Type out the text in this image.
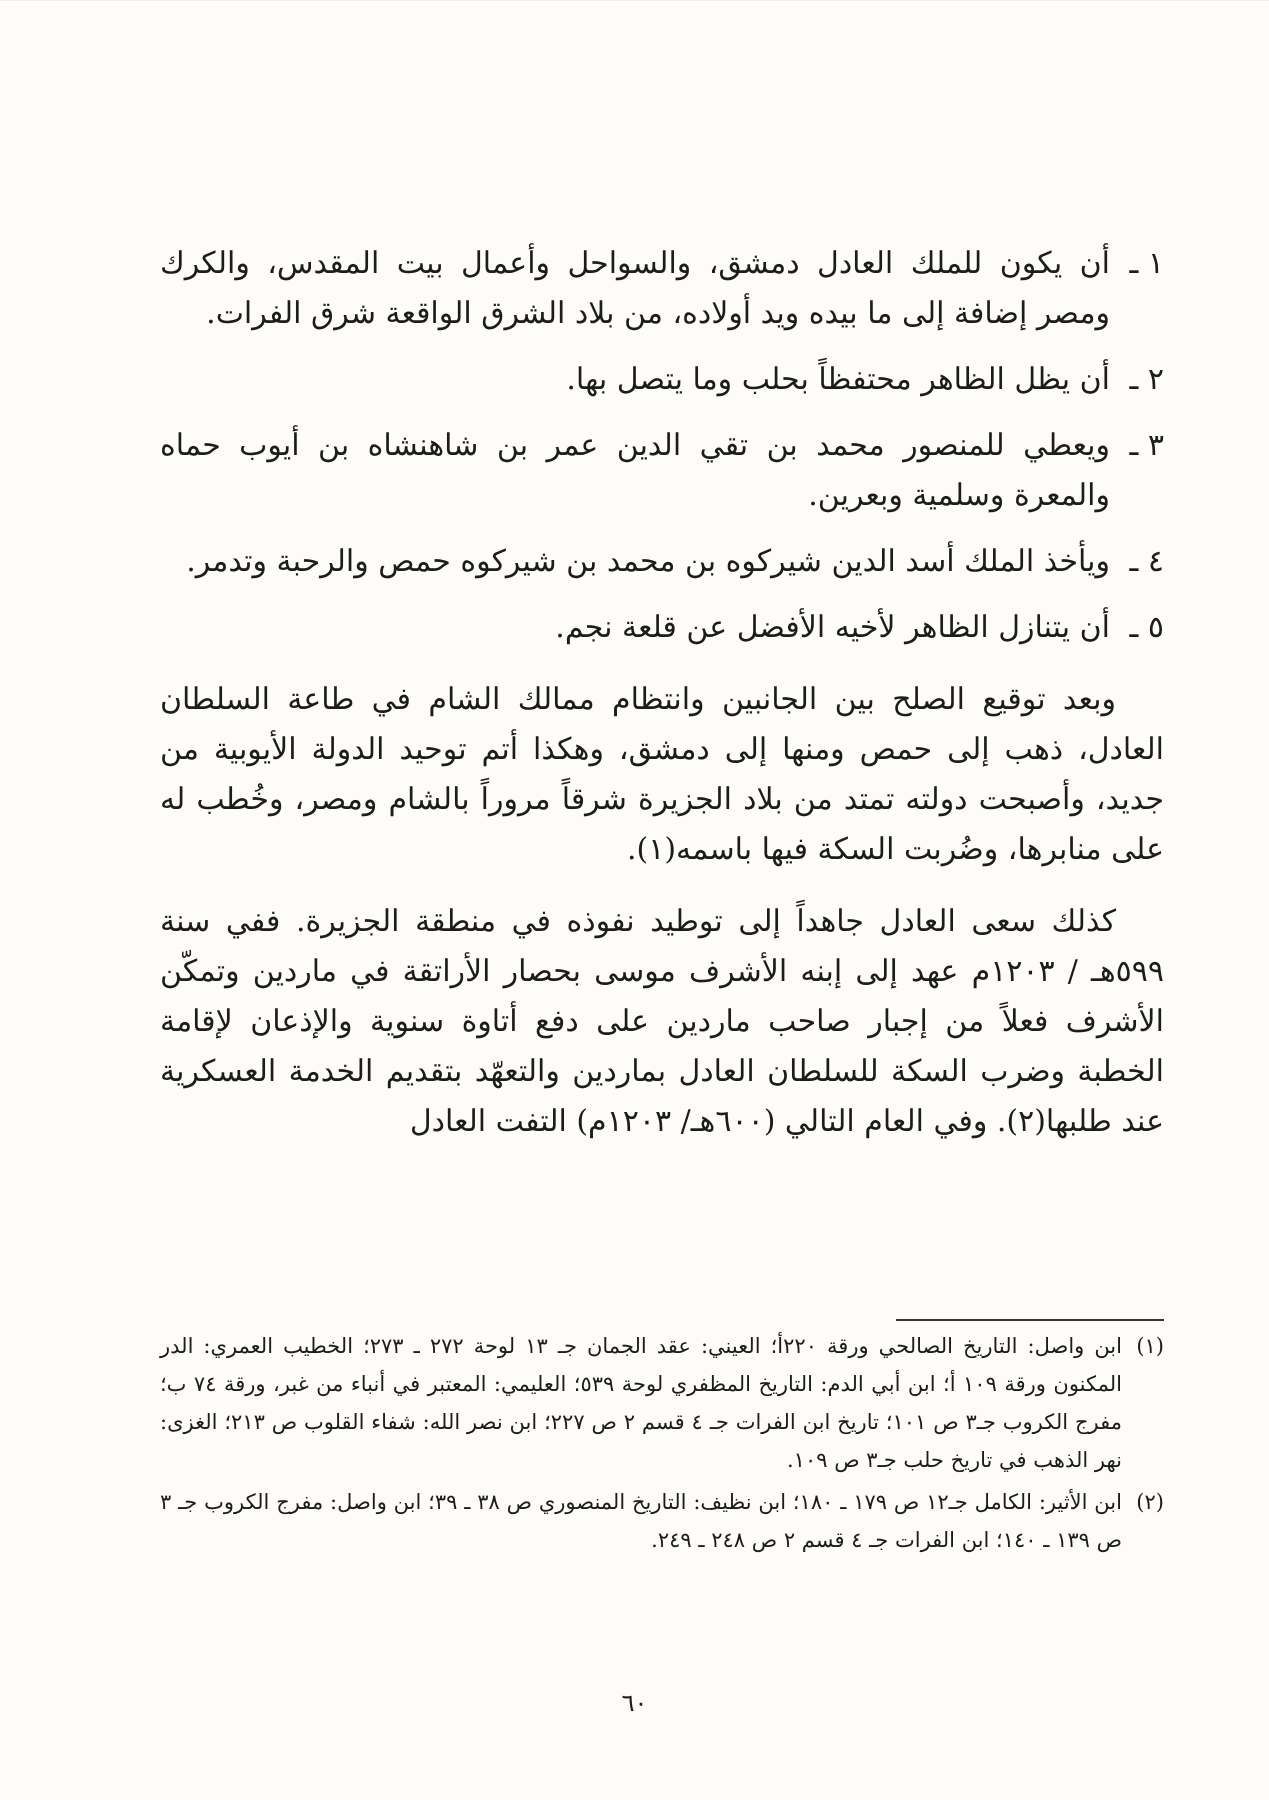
١ ـأن يكون للملك العادل دمشق، والسواحل وأعمال بيت المقدس، والكرك ومصر إضافة إلى ما بيده ويد أولاده، من بلاد الشرق الواقعة شرق الفرات.

٢ ـأن يظل الظاهر محتفظاً بحلب وما يتصل بها.

٣ ـويعطي للمنصور محمد بن تقي الدين عمر بن شاهنشاه بن أيوب حماه والمعرة وسلمية وبعرين.

٤ ـويأخذ الملك أسد الدين شيركوه بن محمد بن شيركوه حمص والرحبة وتدمر.

٥ ـأن يتنازل الظاهر لأخيه الأفضل عن قلعة نجم.

وبعد توقيع الصلح بين الجانبين وانتظام ممالك الشام في طاعة السلطان العادل، ذهب إلى حمص ومنها إلى دمشق، وهكذا أتم توحيد الدولة الأيوبية من جديد، وأصبحت دولته تمتد من بلاد الجزيرة شرقاً مروراً بالشام ومصر، وخُطب له على منابرها، وضُربت السكة فيها باسمه(١).

كذلك سعى العادل جاهداً إلى توطيد نفوذه في منطقة الجزيرة. ففي سنة ٥٩٩هـ / ١٢٠٣م عهد إلى إبنه الأشرف موسى بحصار الأراتقة في ماردين وتمكّن الأشرف فعلاً من إجبار صاحب ماردين على دفع أتاوة سنوية والإذعان لإقامة الخطبة وضرب السكة للسلطان العادل بماردين والتعهّد بتقديم الخدمة العسكرية عند طلبها(٢). وفي العام التالي (٦٠٠هـ/ ١٢٠٣م) التفت العادل

(١)ابن واصل: التاريخ الصالحي ورقة ٢٢٠أ؛ العيني: عقد الجمان جـ ١٣ لوحة ٢٧٢ ـ ٢٧٣؛ الخطيب العمري: الدر المكنون ورقة ١٠٩ أ؛ ابن أبي الدم: التاريخ المظفري لوحة ٥٣٩؛ العليمي: المعتبر في أنباء من غبر، ورقة ٧٤ ب؛ مفرج الكروب جـ٣ ص ١٠١؛ تاريخ ابن الفرات جـ ٤ قسم ٢ ص ٢٢٧؛ ابن نصر الله: شفاء القلوب ص ٢١٣؛ الغزى: نهر الذهب في تاريخ حلب جـ٣ ص ١٠٩.

(٢)ابن الأثير: الكامل جـ١٢ ص ١٧٩ ـ ١٨٠؛ ابن نظيف: التاريخ المنصوري ص ٣٨ ـ ٣٩؛ ابن واصل: مفرج الكروب جـ ٣ ص ١٣٩ ـ ١٤٠؛ ابن الفرات جـ ٤ قسم ٢ ص ٢٤٨ ـ ٢٤٩.

٦٠
